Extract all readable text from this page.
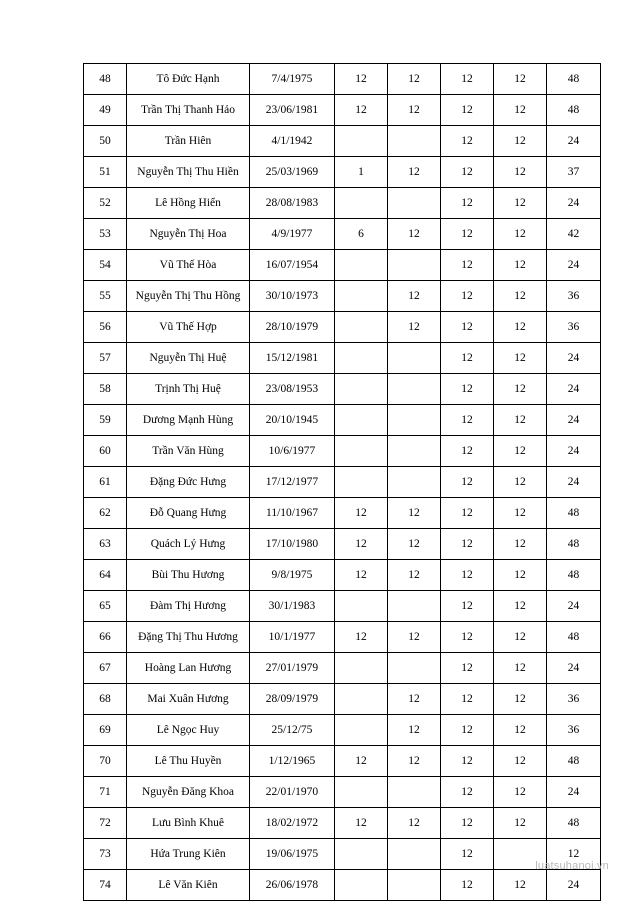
48	Tô Đức Hạnh	7/4/1975	12	12	12	12	48
49	Trần Thị Thanh Hảo	23/06/1981	12	12	12	12	48
50	Trần Hiên	4/1/1942			12	12	24
51	Nguyễn Thị Thu Hiền	25/03/1969	1	12	12	12	37
52	Lê Hồng Hiển	28/08/1983			12	12	24
53	Nguyễn Thị Hoa	4/9/1977	6	12	12	12	42
54	Vũ Thế Hòa	16/07/1954			12	12	24
55	Nguyễn Thị Thu Hồng	30/10/1973		12	12	12	36
56	Vũ Thế Hợp	28/10/1979		12	12	12	36
57	Nguyễn Thị Huệ	15/12/1981			12	12	24
58	Trịnh Thị Huệ	23/08/1953			12	12	24
59	Dương Mạnh Hùng	20/10/1945			12	12	24
60	Trần Văn Hùng	10/6/1977			12	12	24
61	Đặng Đức Hưng	17/12/1977			12	12	24
62	Đỗ Quang Hưng	11/10/1967	12	12	12	12	48
63	Quách Lý Hưng	17/10/1980	12	12	12	12	48
64	Bùi Thu Hương	9/8/1975	12	12	12	12	48
65	Đàm Thị Hương	30/1/1983			12	12	24
66	Đặng Thị Thu Hương	10/1/1977	12	12	12	12	48
67	Hoàng Lan Hương	27/01/1979			12	12	24
68	Mai Xuân Hương	28/09/1979		12	12	12	36
69	Lê Ngọc Huy	25/12/75		12	12	12	36
70	Lê Thu Huyền	1/12/1965	12	12	12	12	48
71	Nguyễn Đăng Khoa	22/01/1970			12	12	24
72	Lưu Bình Khuê	18/02/1972	12	12	12	12	48
73	Hứa Trung Kiên	19/06/1975			12		12
74	Lê Văn Kiên	26/06/1978			12	12	24
luatsuhanoi.vn
